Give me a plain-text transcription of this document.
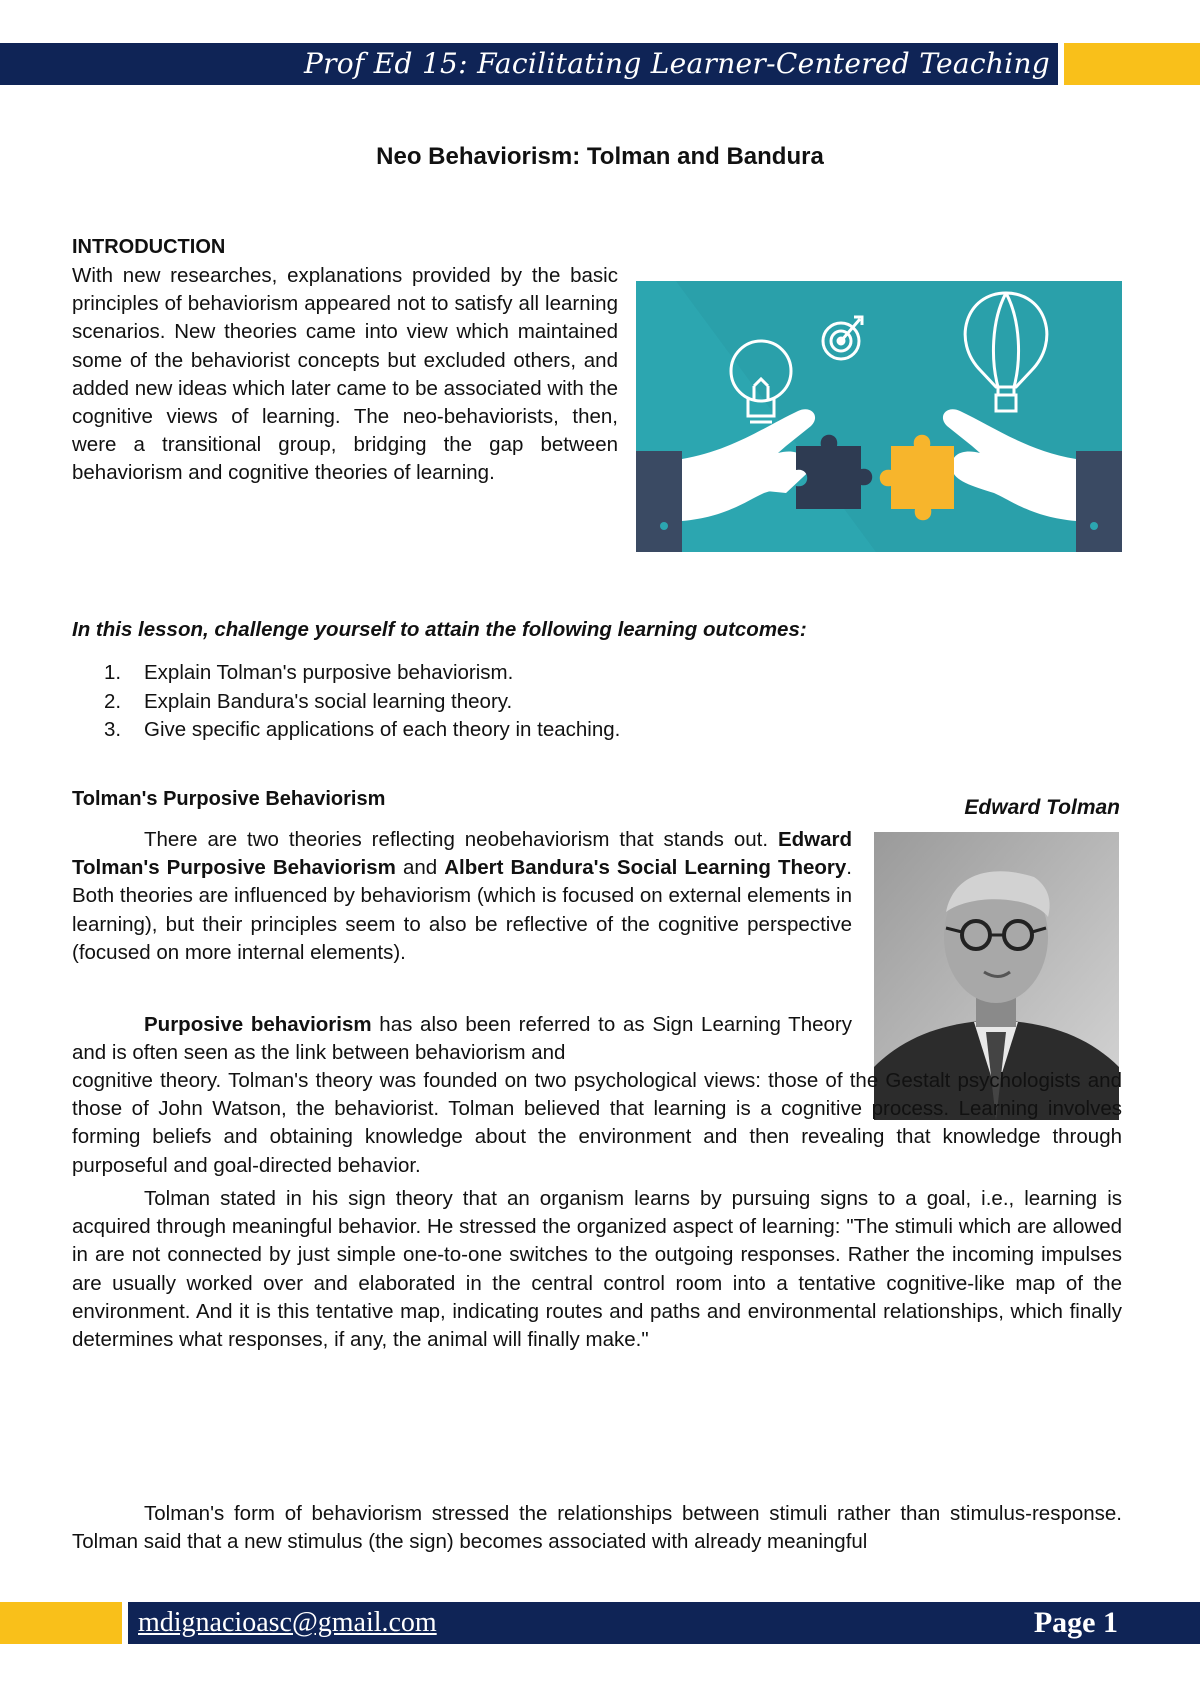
Prof Ed 15: Facilitating Learner-Centered Teaching
Neo Behaviorism: Tolman and Bandura
INTRODUCTION

With new researches, explanations provided by the basic principles of behaviorism appeared not to satisfy all learning scenarios. New theories came into view which maintained some of the behaviorist concepts but excluded others, and added new ideas which later came to be associated with the cognitive views of learning. The neo-behaviorists, then, were a transitional group, bridging the gap between behaviorism and cognitive theories of learning.

In this lesson, challenge yourself to attain the following learning outcomes:
1. Explain Tolman's purposive behaviorism.
2. Explain Bandura's social learning theory.
3. Give specific applications of each theory in teaching.
Edward Tolman
Tolman's Purposive Behaviorism

There are two theories reflecting neobehaviorism that stands out. Edward Tolman's Purposive Behaviorism and Albert Bandura's Social Learning Theory. Both theories are influenced by behaviorism (which is focused on external elements in learning), but their principles seem to also be reflective of the cognitive perspective (focused on more internal elements).

Purposive behaviorism has also been referred to as Sign Learning Theory and is often seen as the link between behaviorism and

cognitive theory. Tolman's theory was founded on two psychological views: those of the Gestalt psychologists and those of John Watson, the behaviorist. Tolman believed that learning is a cognitive process. Learning involves forming beliefs and obtaining knowledge about the environment and then revealing that knowledge through purposeful and goal-directed behavior.

Tolman stated in his sign theory that an organism learns by pursuing signs to a goal, i.e., learning is acquired through meaningful behavior. He stressed the organized aspect of learning: "The stimuli which are allowed in are not connected by just simple one-to-one switches to the outgoing responses. Rather the incoming impulses are usually worked over and elaborated in the central control room into a tentative cognitive-like map of the environment. And it is this tentative map, indicating routes and paths and environmental relationships, which finally determines what responses, if any, the animal will finally make."

Tolman's form of behaviorism stressed the relationships between stimuli rather than stimulus-response. Tolman said that a new stimulus (the sign) becomes associated with already meaningful

mdignacioasc@gmail.com	Page 1
